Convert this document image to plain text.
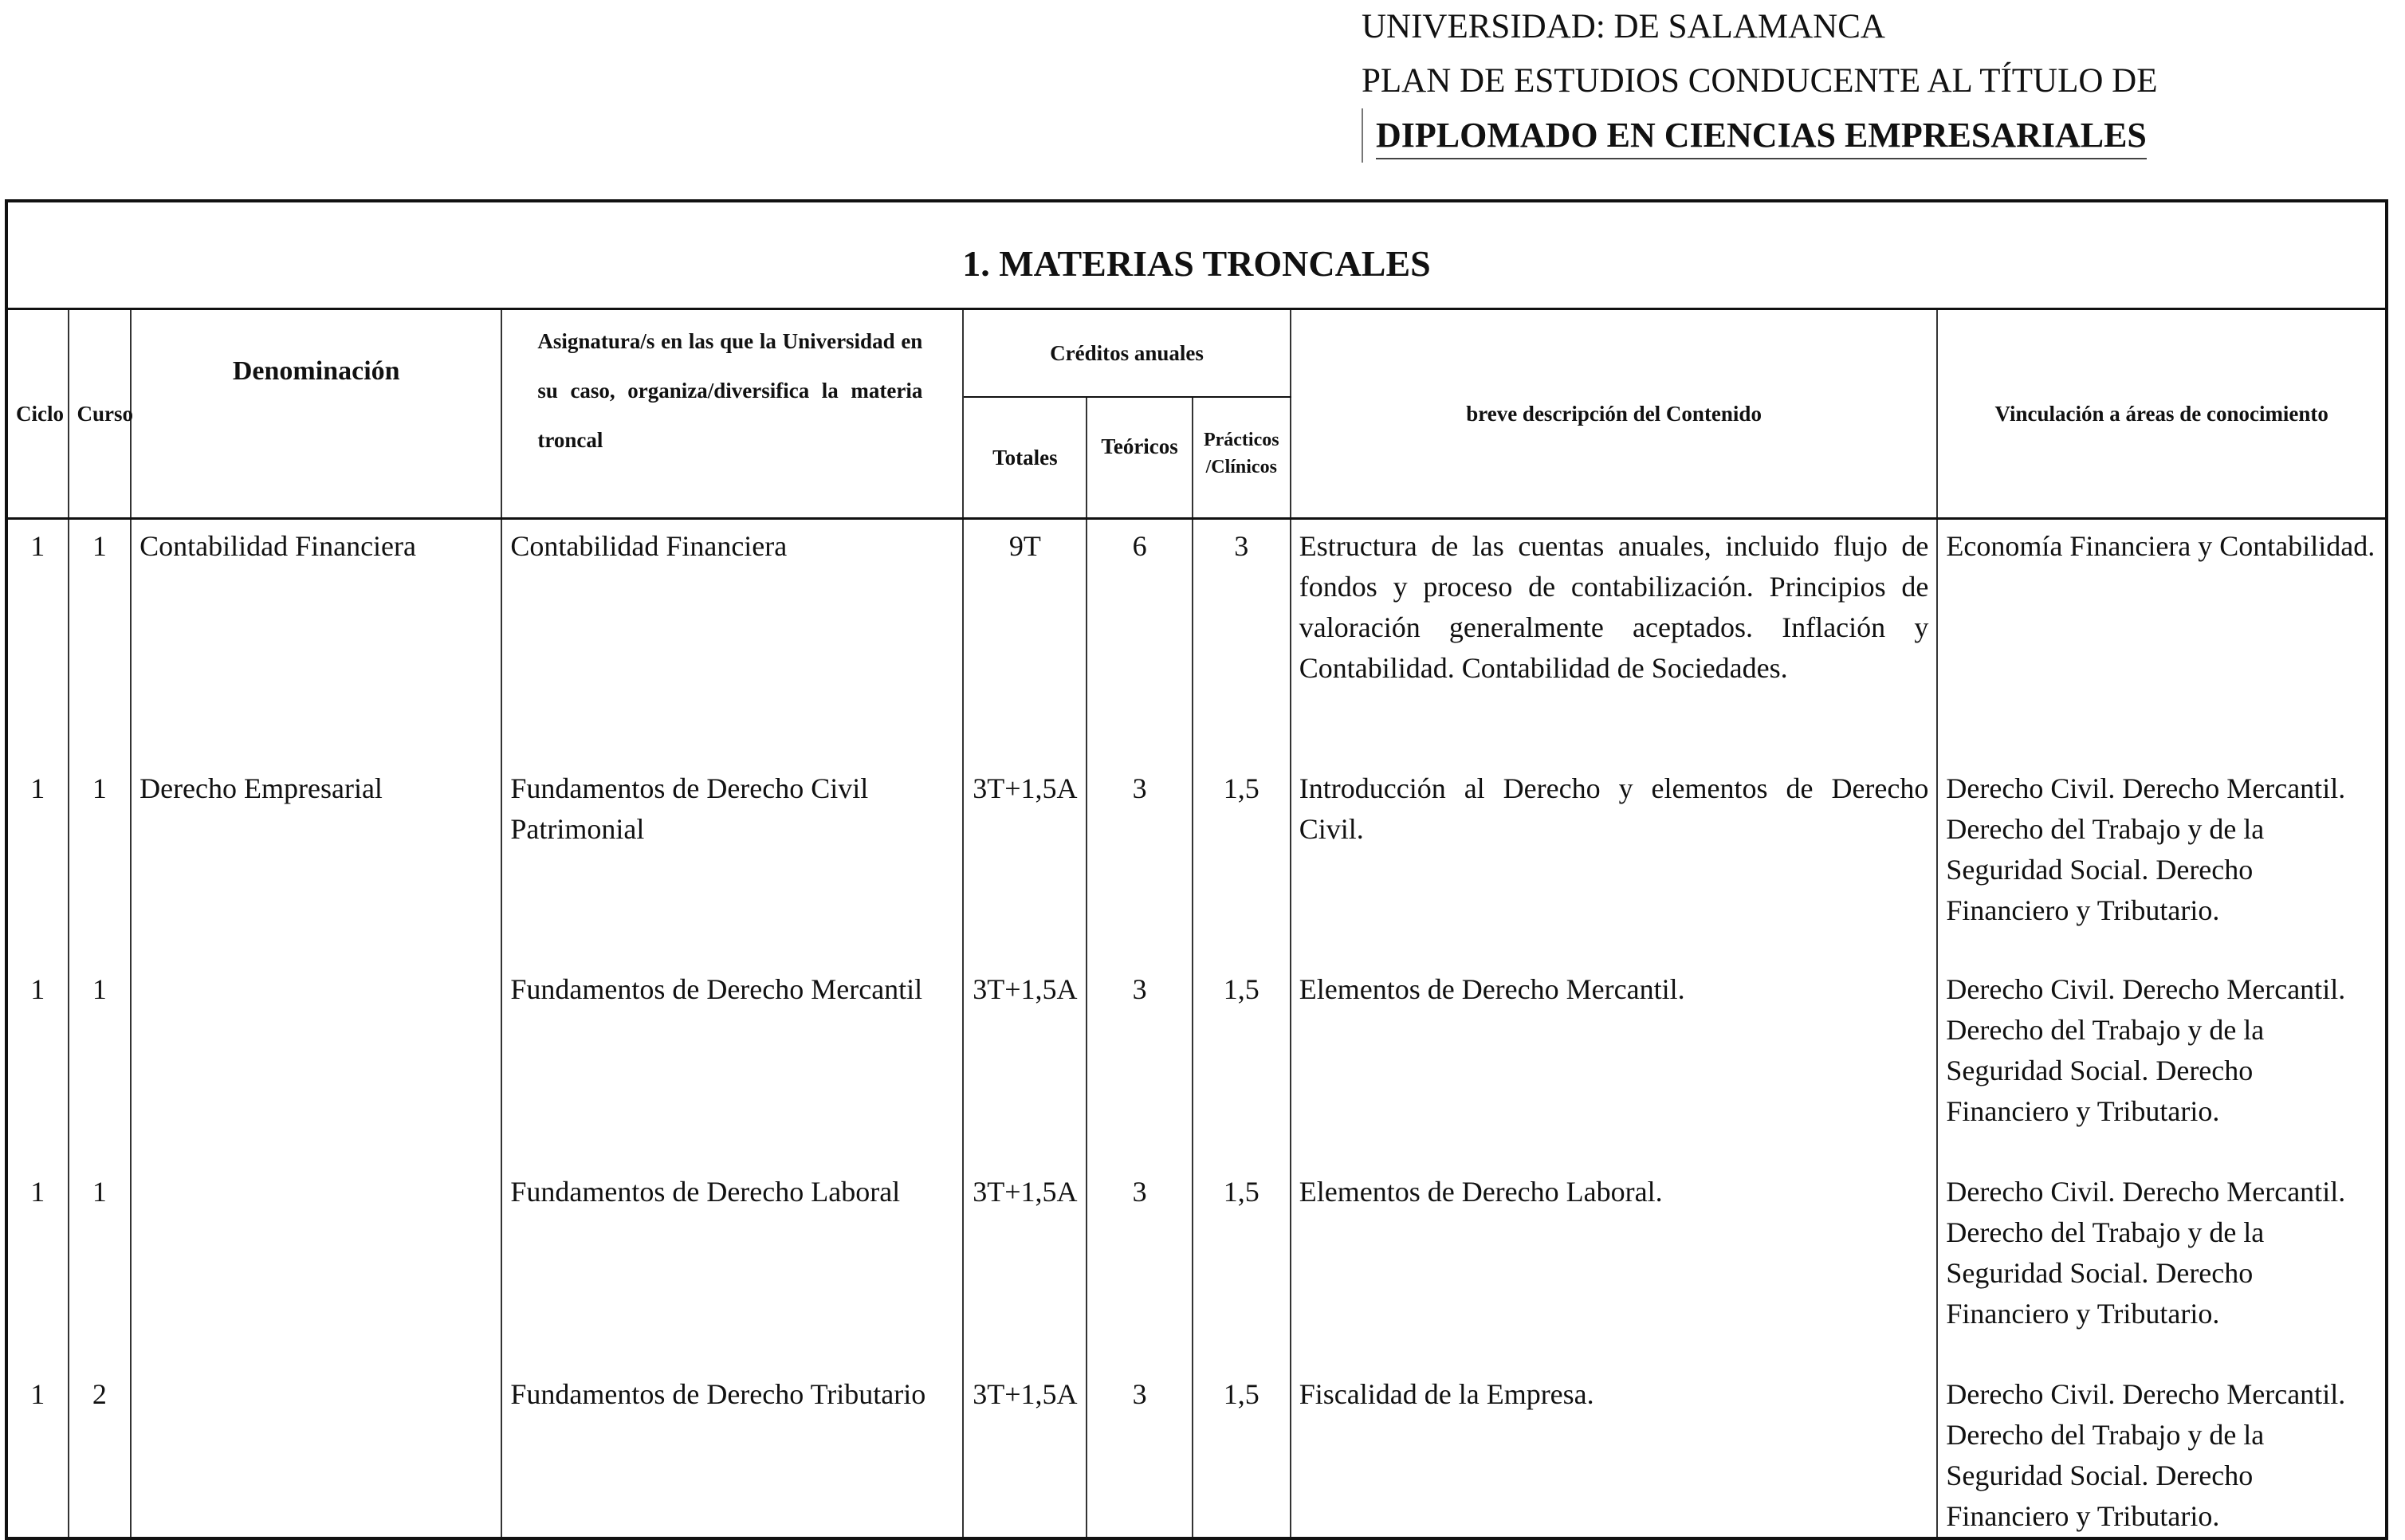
UNIVERSIDAD: DE SALAMANCA
PLAN DE ESTUDIOS CONDUCENTE AL TÍTULO DE
DIPLOMADO EN CIENCIAS EMPRESARIALES
1. MATERIAS TRONCALES								
Ciclo	Curso	Denominación	Asignatura/s en las que la Universidad en su caso, organiza/diversifica la materia troncal	Créditos anuales			breve descripción del Contenido	Vinculación a áreas de conocimiento
				Totales	Teóricos	Prácticos /Clínicos		
1	1	Contabilidad Financiera	Contabilidad Financiera	9T	6	3	Estructura de las cuentas anuales, incluido flujo de fondos y proceso de contabilización. Principios de valoración generalmente aceptados. Inflación y Contabilidad. Contabilidad de Sociedades.	Economía Financiera y Contabilidad.
1	1	Derecho Empresarial	Fundamentos de Derecho Civil Patrimonial	3T+1,5A	3	1,5	Introducción al Derecho y elementos de Derecho Civil.	Derecho Civil. Derecho Mercantil. Derecho del Trabajo y de la Seguridad Social. Derecho Financiero y Tributario.
1	1		Fundamentos de Derecho Mercantil	3T+1,5A	3	1,5	Elementos de Derecho Mercantil.	Derecho Civil. Derecho Mercantil. Derecho del Trabajo y de la Seguridad Social. Derecho Financiero y Tributario.
1	1		Fundamentos de Derecho Laboral	3T+1,5A	3	1,5	Elementos de Derecho Laboral.	Derecho Civil. Derecho Mercantil. Derecho del Trabajo y de la Seguridad Social. Derecho Financiero y Tributario.
1	2		Fundamentos de Derecho Tributario	3T+1,5A	3	1,5	Fiscalidad de la Empresa.	Derecho Civil. Derecho Mercantil. Derecho del Trabajo y de la Seguridad Social. Derecho Financiero y Tributario.
